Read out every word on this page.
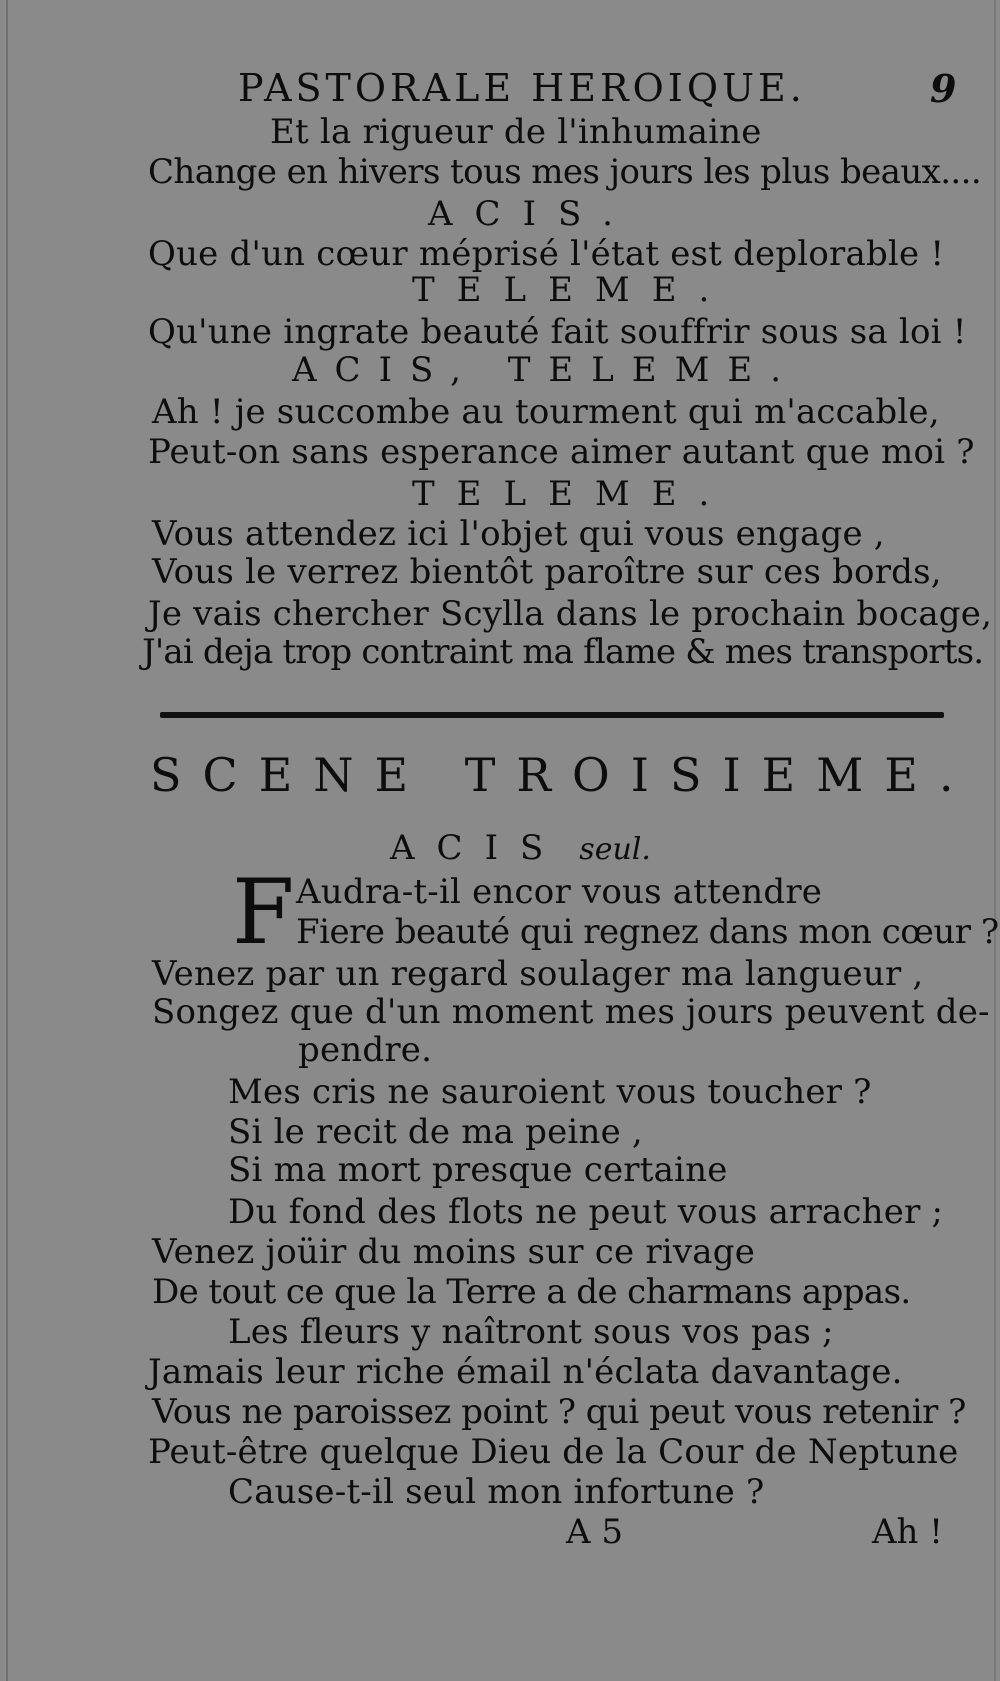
PASTORALE HEROIQUE.	9
Et la rigueur de l'inhumaine
Change en hivers tous mes jours les plus beaux....
ACIS.
Que d'un cœur méprisé l'état est deplorable !
TELEME.
Qu'une ingrate beauté fait souffrir sous sa loi !
ACIS, TELEME.
Ah ! je succombe au tourment qui m'accable,
Peut-on sans esperance aimer autant que moi ?
TELEME.
Vous attendez ici l'objet qui vous engage ,
Vous le verrez bientôt paroître sur ces bords,
Je vais chercher Scylla dans le prochain bocage,
J'ai deja trop contraint ma flame & mes transports.
SCENE TROISIEME.
ACIS seul.
F Audra-t-il encor vous attendre
Fiere beauté qui regnez dans mon cœur ?
Venez par un regard soulager ma langueur ,
Songez que d'un moment mes jours peuvent de-
pendre.
Mes cris ne sauroient vous toucher ?
Si le recit de ma peine ,
Si ma mort presque certaine
Du fond des flots ne peut vous arracher ;
Venez joüir du moins sur ce rivage
De tout ce que la Terre a de charmans appas.
Les fleurs y naîtront sous vos pas ;
Jamais leur riche émail n'éclata davantage.
Vous ne paroissez point ? qui peut vous retenir ?
Peut-être quelque Dieu de la Cour de Neptune
Cause-t-il seul mon infortune ?
A 5	Ah !
